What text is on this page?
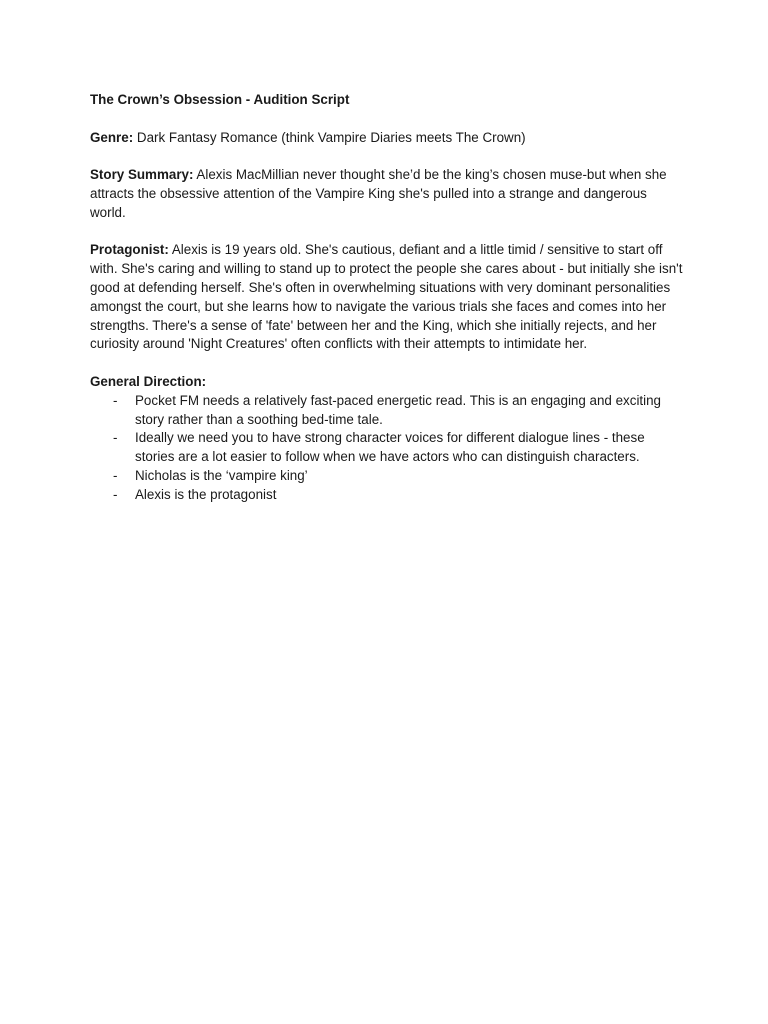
The Crown’s Obsession - Audition Script

Genre: Dark Fantasy Romance (think Vampire Diaries meets The Crown)

Story Summary: Alexis MacMillian never thought she’d be the king’s chosen muse-but when she attracts the obsessive attention of the Vampire King she's pulled into a strange and dangerous world.

Protagonist: Alexis is 19 years old. She's cautious, defiant and a little timid / sensitive to start off with. She's caring and willing to stand up to protect the people she cares about - but initially she isn't good at defending herself. She's often in overwhelming situations with very dominant personalities amongst the court, but she learns how to navigate the various trials she faces and comes into her strengths. There's a sense of 'fate' between her and the King, which she initially rejects, and her curiosity around 'Night Creatures' often conflicts with their attempts to intimidate her.

General Direction:

- Pocket FM needs a relatively fast-paced energetic read. This is an engaging and exciting story rather than a soothing bed-time tale.
- Ideally we need you to have strong character voices for different dialogue lines - these stories are a lot easier to follow when we have actors who can distinguish characters.
- Nicholas is the ‘vampire king’
- Alexis is the protagonist
